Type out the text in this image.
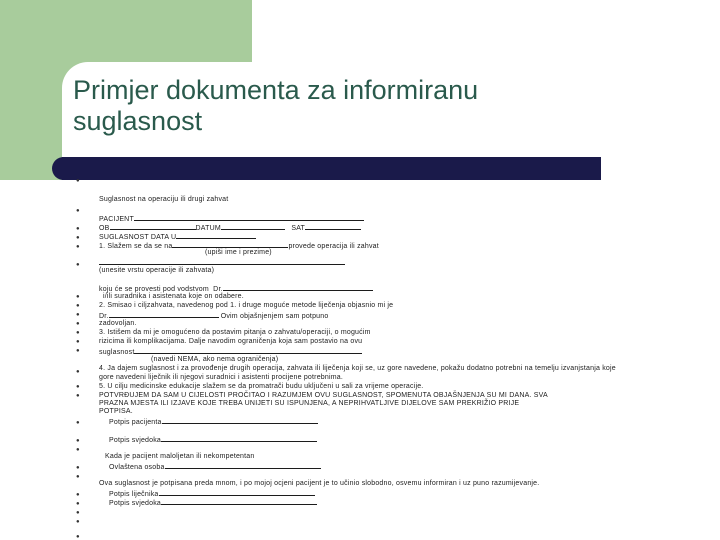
Primjer dokumenta za informiranu
suglasnost
●
●
●
●
●
●
●
●
●
●
●
●
●
●
●
●
●
●
●
●
●
●
●
●
●
●
Suglasnost na operaciju ili drugi zahvat
PACIJENT
OB	DATUM	SAT
SUGLASNOST DATA U
1. Slažem se da se na	provede operacija ili zahvat
(upiši ime i prezime)
(unesite vrstu operacije ili zahvata)
koju će se provesti pod vodstvom  Dr.
i/ili suradnika i asistenata koje on odabere.
2. Smisao i ciljzahvata, navedenog pod 1. i druge moguće metode liječenja objasnio mi je
Dr.	Ovim objašnjenjem sam potpuno
zadovoljan.
3. Istišem da mi je omogućeno da postavim pitanja o zahvatu/operaciji, o mogućim
rizicima ili komplikacijama. Dalje navodim ograničenja koja sam postavio na ovu
suglasnost
(navedi NEMA, ako nema ograničenja)
4. Ja dajem suglasnost i za provođenje drugih operacija, zahvata ili liječenja koji se, uz gore navedene, pokažu dodatno potrebni na temelju izvanjstanja koje
gore navedeni liječnik ili njegovi suradnici i asistenti procijene potrebnima.
5. U cilju medicinske edukacije slažem se da promatrači budu uključeni u sali za vrijeme operacije.
POTVRĐUJEM DA SAM U CIJELOSTI PROČITAO I RAZUMJEM OVU SUGLASNOST, SPOMENUTA OBJAŠNJENJA SU MI DANA. SVA
PRAZNA MJESTA ILI IZJAVE KOJE TREBA UNIJETI SU ISPUNJENA, A NEPRIHVATLJIVE DIJELOVE SAM PREKRIŽIO PRIJE
POTPISA.
Potpis pacijenta
Potpis svjedoka
Kada je pacijent maloljetan ili nekompetentan
Ovlaštena osoba
Ova suglasnost je potpisana preda mnom, i po mojoj ocjeni pacijent je to učinio slobodno, osvemu informiran i uz puno razumijevanje.
Potpis liječnika
Potpis svjedoka
